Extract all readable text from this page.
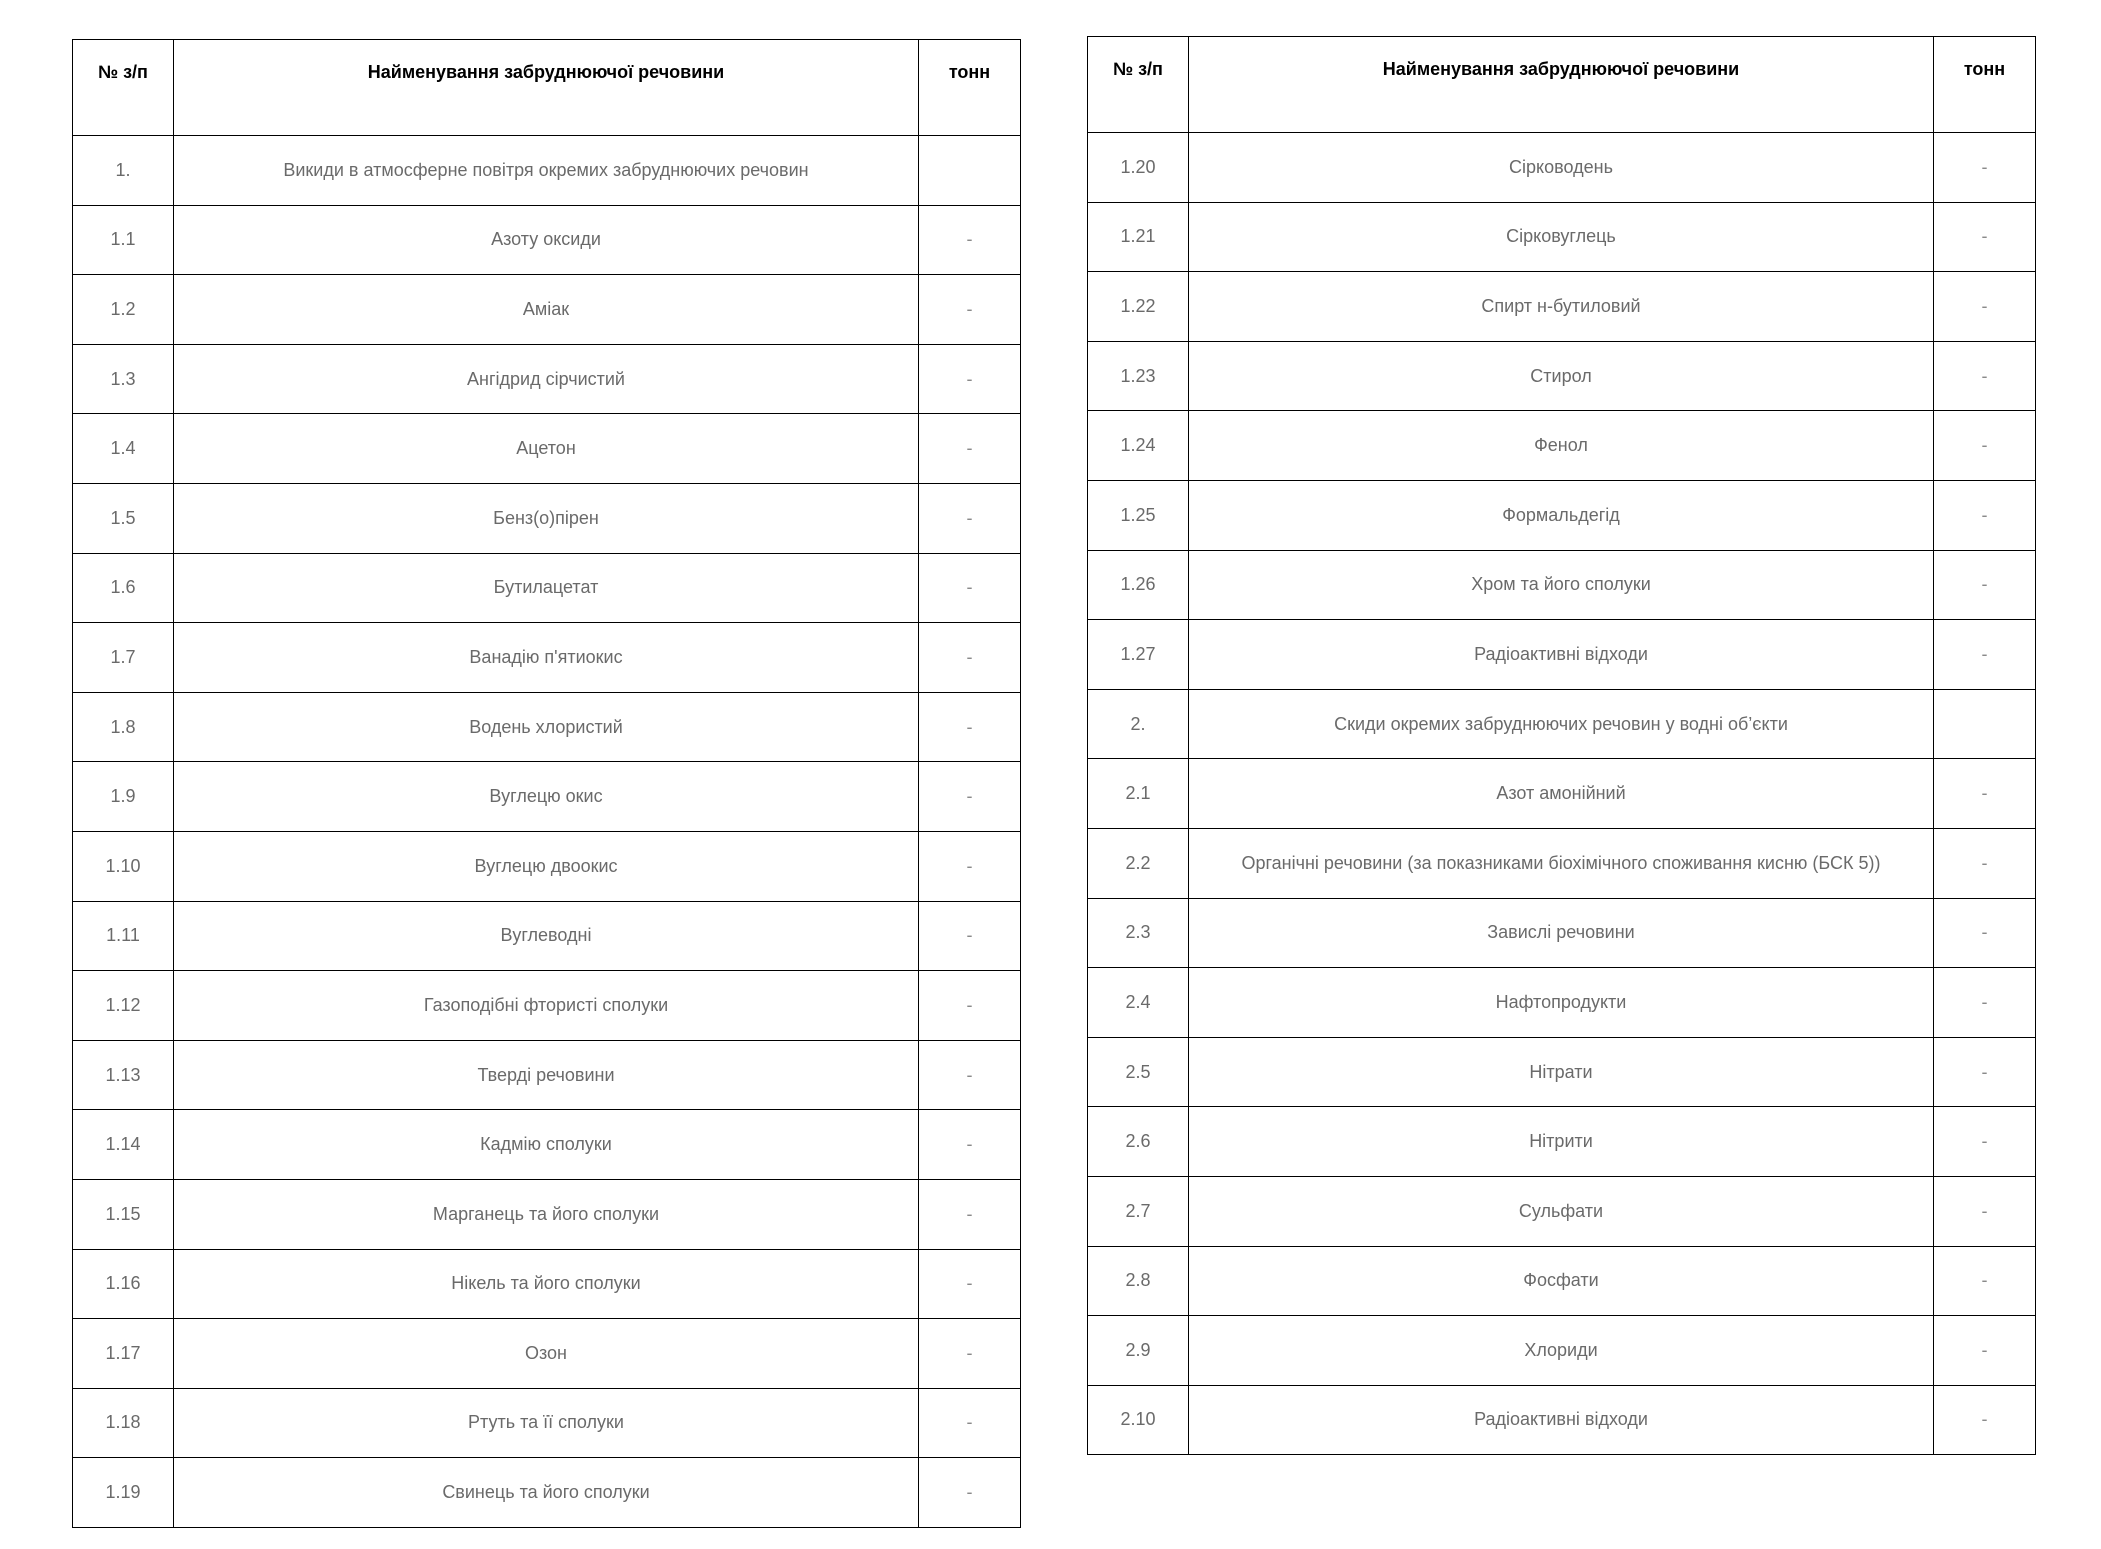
№ з/п	Найменування забруднюючої речовини	тонн
1.	Викиди в атмосферне повітря окремих забруднюючих речовин	
1.1	Азоту оксиди	-
1.2	Аміак	-
1.3	Ангідрид сірчистий	-
1.4	Ацетон	-
1.5	Бенз(о)пірен	-
1.6	Бутилацетат	-
1.7	Ванадію п'ятиокис	-
1.8	Водень хлористий	-
1.9	Вуглецю окис	-
1.10	Вуглецю двоокис	-
1.11	Вуглеводні	-
1.12	Газоподібні фтористі сполуки	-
1.13	Тверді речовини	-
1.14	Кадмію сполуки	-
1.15	Марганець та його сполуки	-
1.16	Нікель та його сполуки	-
1.17	Озон	-
1.18	Ртуть та її сполуки	-
1.19	Свинець та його сполуки	-
№ з/п	Найменування забруднюючої речовини	тонн
1.20	Сірководень	-
1.21	Сірковуглець	-
1.22	Спирт н-бутиловий	-
1.23	Стирол	-
1.24	Фенол	-
1.25	Формальдегід	-
1.26	Хром та його сполуки	-
1.27	Радіоактивні відходи	-
2.	Скиди окремих забруднюючих речовин у водні об’єкти	
2.1	Азот амонійний	-
2.2	Органічні речовини (за показниками біохімічного споживання кисню (БСК 5))	-
2.3	Завислі речовини	-
2.4	Нафтопродукти	-
2.5	Нітрати	-
2.6	Нітрити	-
2.7	Сульфати	-
2.8	Фосфати	-
2.9	Хлориди	-
2.10	Радіоактивні відходи	-
